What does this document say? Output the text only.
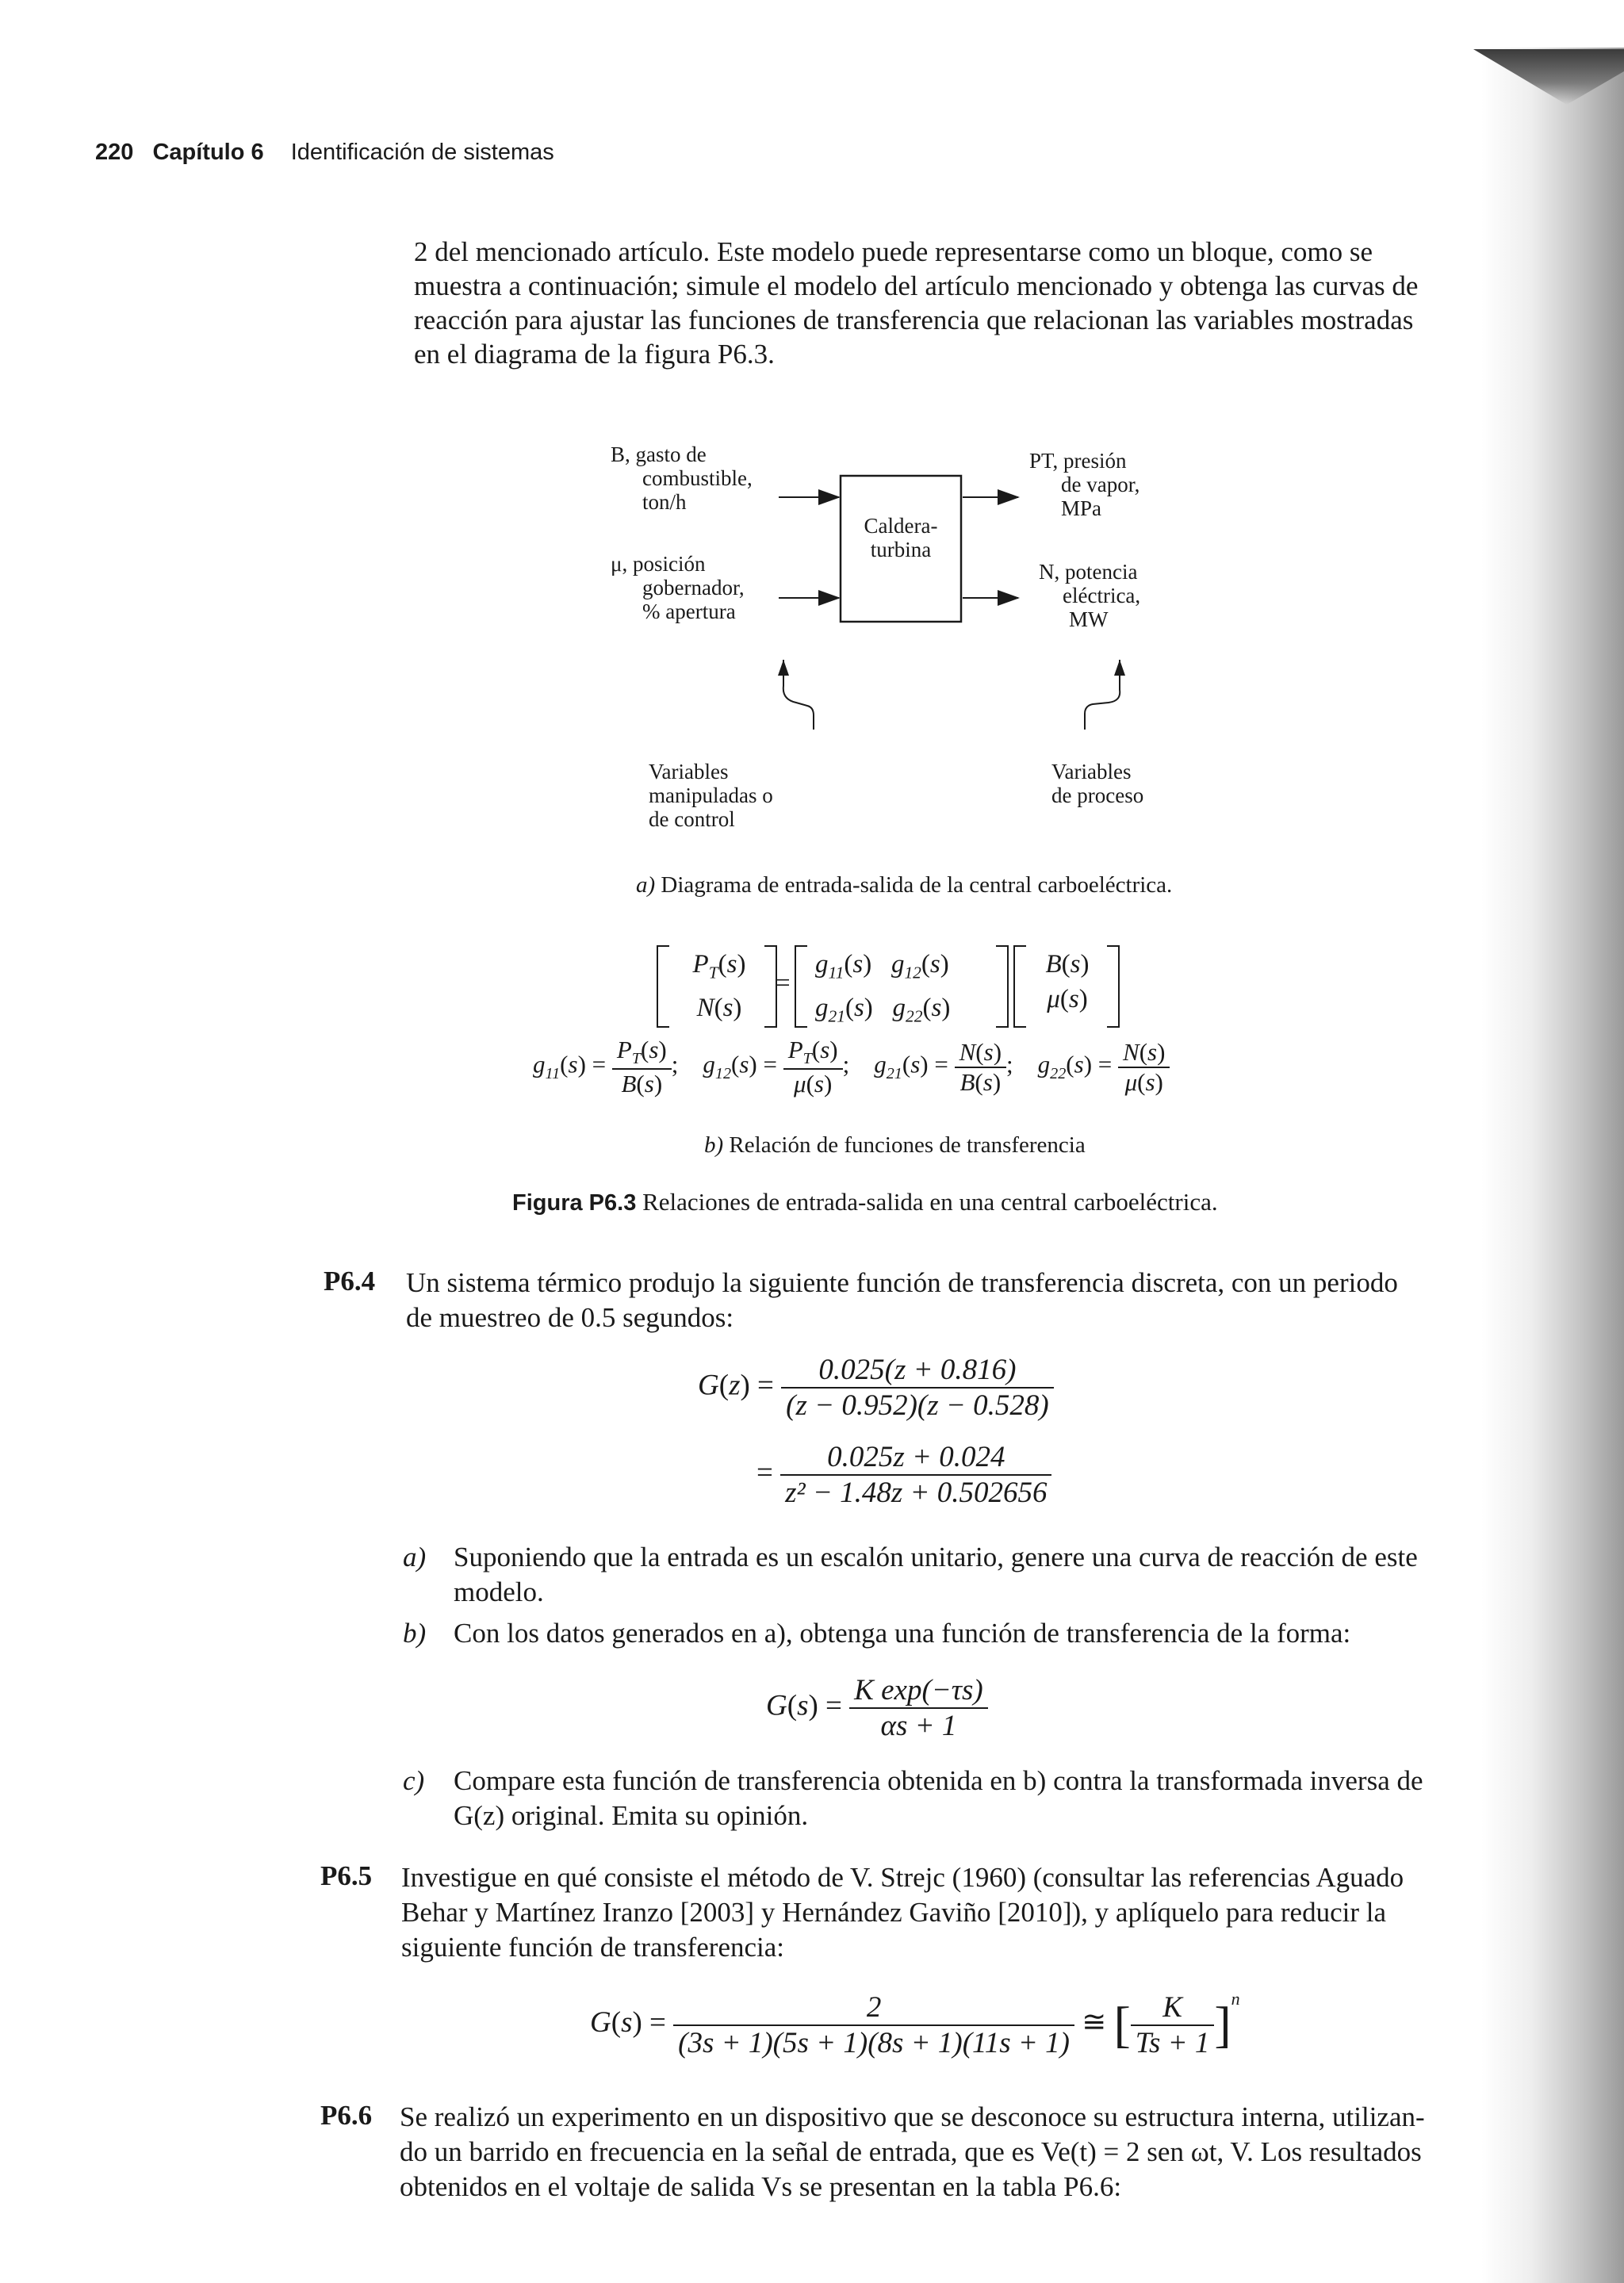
220 Capítulo 6 Identificación de sistemas
2 del mencionado artículo. Este modelo puede representarse como un bloque, como se
muestra a continuación; simule el modelo del artículo mencionado y obtenga las curvas de
reacción para ajustar las funciones de transferencia que relacionan las variables mostradas
en el diagrama de la figura P6.3.
B, gasto de
combustible,
ton/h
μ, posición
gobernador,
% apertura
Caldera-
turbina
PT, presión
de vapor,
MPa
N, potencia
eléctrica,
MW
Variables
manipuladas o
de control
Variables
de proceso
a) Diagrama de entrada-salida de la central carboeléctrica.
$P_T(s)$
N(s)
=
$g_{11}(s)$   $g_{12}(s)$
$g_{21}(s)$   $g_{22}(s)$
B(s)
μ(s)
$g_{11}(s) = \frac{P_T(s)}{B(s)}$ ;    $g_{12}(s) = \frac{P_T(s)}{\mu(s)}$ ;    $g_{21}(s) = \frac{N(s)}{B(s)}$ ;    $g_{22}(s) = \frac{N(s)}{\mu(s)}$
b) Relación de funciones de transferencia
Figura P6.3 Relaciones de entrada-salida en una central carboeléctrica.
P6.4 Un sistema térmico produjo la siguiente función de transferencia discreta, con un periodo
de muestreo de 0.5 segundos:
$G(z) = \frac{0.025(z + 0.816)}{(z - 0.952)(z - 0.528)}$
= $\frac{0.025z + 0.024}{\text{z² − 1.48z + 0.502656}}$
a) Suponiendo que la entrada es un escalón unitario, genere una curva de reacción de este
modelo.
b) Con los datos generados en a), obtenga una función de transferencia de la forma:
$G(s) = \frac{\text{K exp(−τs)}}{\alpha s + 1}$
c) Compare esta función de transferencia obtenida en b) contra la transformada inversa de
G(z) original. Emita su opinión.
P6.5 Investigue en qué consiste el método de V. Strejc (1960) (consultar las referencias Aguado
Behar y Martínez Iranzo [2003] y Hernández Gaviño [2010]), y aplíquelo para reducir la
siguiente función de transferencia:
$G(s) = \frac{2}{(3s + 1)(5s + 1)(8s + 1)(11s + 1)}$ ≅ [ $\frac{K}{Ts + 1} ]^n$
P6.6 Se realizó un experimento en un dispositivo que se desconoce su estructura interna, utilizan-
do un barrido en frecuencia en la señal de entrada, que es Ve(t) = 2 sen ωt, V. Los resultados
obtenidos en el voltaje de salida Vs se presentan en la tabla P6.6:
